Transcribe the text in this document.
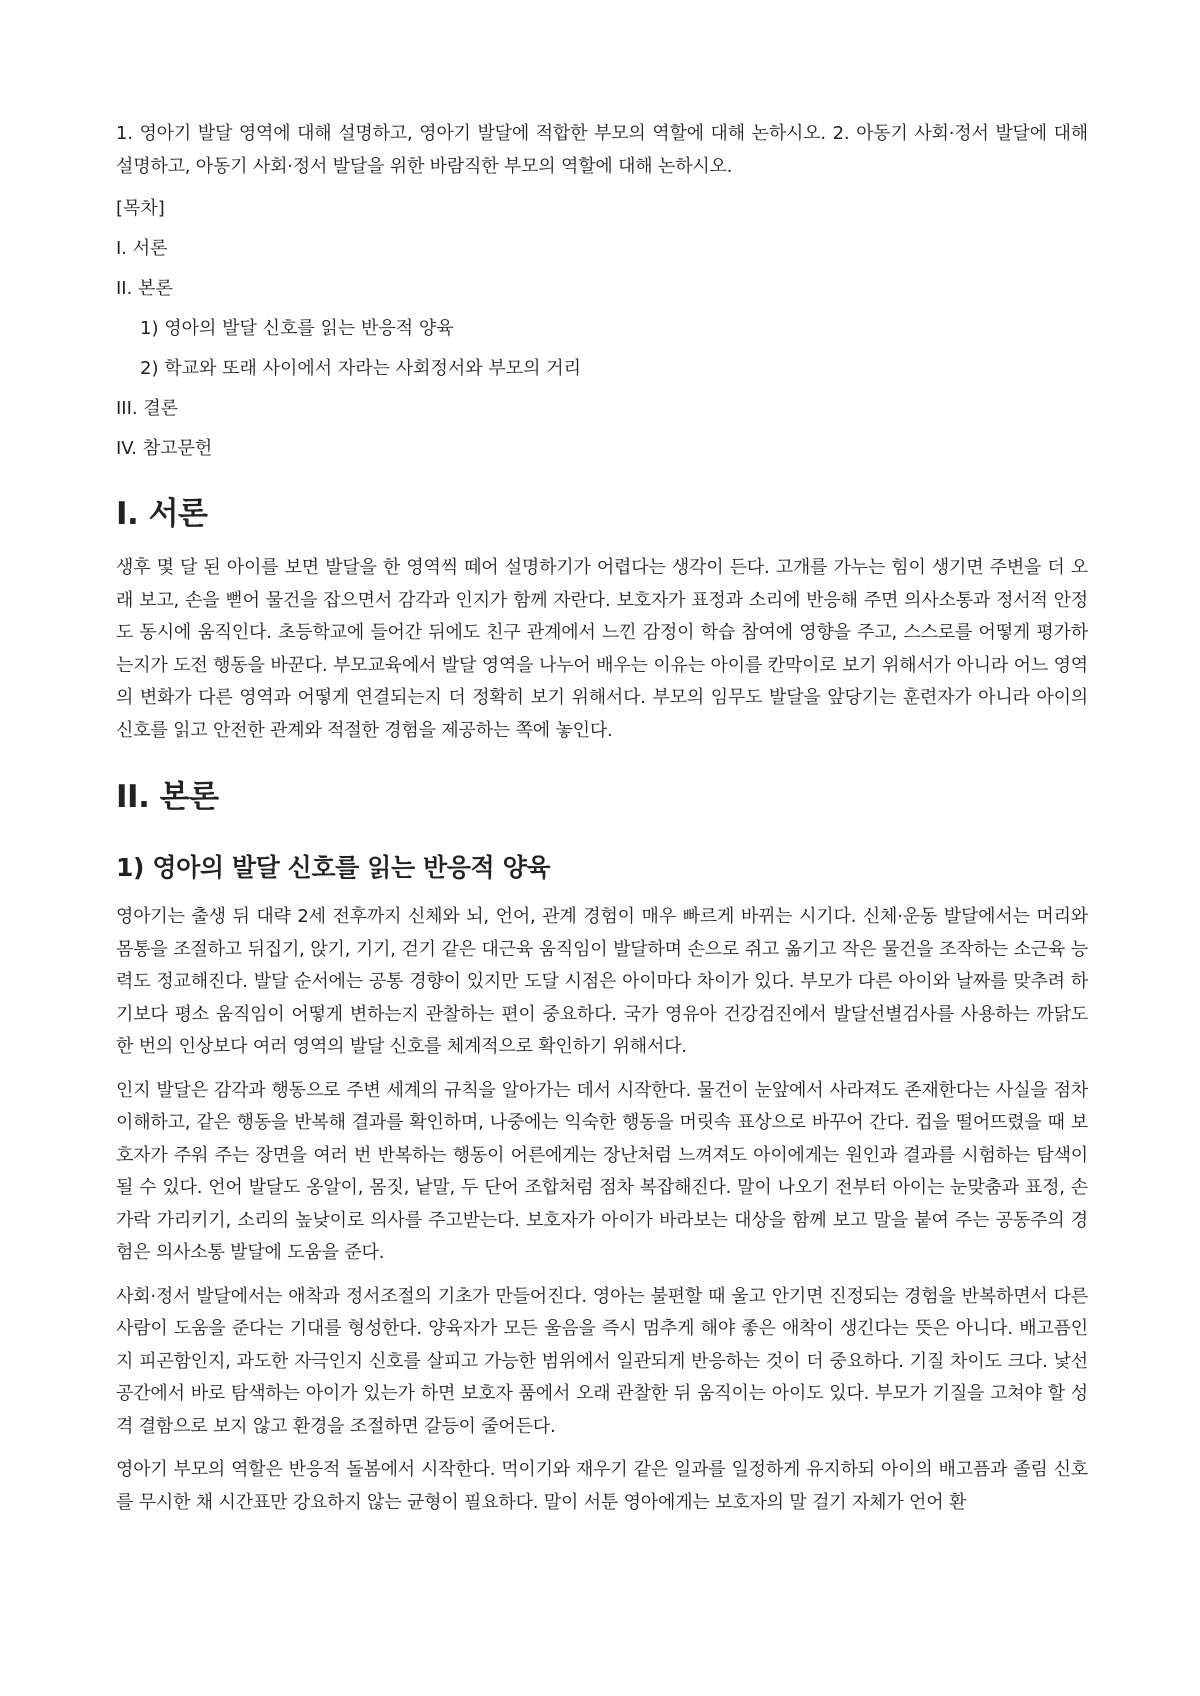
1. 영아기 발달 영역에 대해 설명하고, 영아기 발달에 적합한 부모의 역할에 대해 논하시오. 2. 아동기 사회·정서 발달에 대해 설명하고, 아동기 사회·정서 발달을 위한 바람직한 부모의 역할에 대해 논하시오.

[목차]

I. 서론
II. 본론
1) 영아의 발달 신호를 읽는 반응적 양육
2) 학교와 또래 사이에서 자라는 사회정서와 부모의 거리
III. 결론
IV. 참고문헌
I. 서론

생후 몇 달 된 아이를 보면 발달을 한 영역씩 떼어 설명하기가 어렵다는 생각이 든다. 고개를 가누는 힘이 생기면 주변을 더 오래 보고, 손을 뻗어 물건을 잡으면서 감각과 인지가 함께 자란다. 보호자가 표정과 소리에 반응해 주면 의사소통과 정서적 안정도 동시에 움직인다. 초등학교에 들어간 뒤에도 친구 관계에서 느낀 감정이 학습 참여에 영향을 주고, 스스로를 어떻게 평가하는지가 도전 행동을 바꾼다. 부모교육에서 발달 영역을 나누어 배우는 이유는 아이를 칸막이로 보기 위해서가 아니라 어느 영역의 변화가 다른 영역과 어떻게 연결되는지 더 정확히 보기 위해서다. 부모의 임무도 발달을 앞당기는 훈련자가 아니라 아이의 신호를 읽고 안전한 관계와 적절한 경험을 제공하는 쪽에 놓인다.

II. 본론
1) 영아의 발달 신호를 읽는 반응적 양육

영아기는 출생 뒤 대략 2세 전후까지 신체와 뇌, 언어, 관계 경험이 매우 빠르게 바뀌는 시기다. 신체·운동 발달에서는 머리와 몸통을 조절하고 뒤집기, 앉기, 기기, 걷기 같은 대근육 움직임이 발달하며 손으로 쥐고 옮기고 작은 물건을 조작하는 소근육 능력도 정교해진다. 발달 순서에는 공통 경향이 있지만 도달 시점은 아이마다 차이가 있다. 부모가 다른 아이와 날짜를 맞추려 하기보다 평소 움직임이 어떻게 변하는지 관찰하는 편이 중요하다. 국가 영유아 건강검진에서 발달선별검사를 사용하는 까닭도 한 번의 인상보다 여러 영역의 발달 신호를 체계적으로 확인하기 위해서다.

인지 발달은 감각과 행동으로 주변 세계의 규칙을 알아가는 데서 시작한다. 물건이 눈앞에서 사라져도 존재한다는 사실을 점차 이해하고, 같은 행동을 반복해 결과를 확인하며, 나중에는 익숙한 행동을 머릿속 표상으로 바꾸어 간다. 컵을 떨어뜨렸을 때 보호자가 주워 주는 장면을 여러 번 반복하는 행동이 어른에게는 장난처럼 느껴져도 아이에게는 원인과 결과를 시험하는 탐색이 될 수 있다. 언어 발달도 옹알이, 몸짓, 낱말, 두 단어 조합처럼 점차 복잡해진다. 말이 나오기 전부터 아이는 눈맞춤과 표정, 손가락 가리키기, 소리의 높낮이로 의사를 주고받는다. 보호자가 아이가 바라보는 대상을 함께 보고 말을 붙여 주는 공동주의 경험은 의사소통 발달에 도움을 준다.

사회·정서 발달에서는 애착과 정서조절의 기초가 만들어진다. 영아는 불편할 때 울고 안기면 진정되는 경험을 반복하면서 다른 사람이 도움을 준다는 기대를 형성한다. 양육자가 모든 울음을 즉시 멈추게 해야 좋은 애착이 생긴다는 뜻은 아니다. 배고픔인지 피곤함인지, 과도한 자극인지 신호를 살피고 가능한 범위에서 일관되게 반응하는 것이 더 중요하다. 기질 차이도 크다. 낯선 공간에서 바로 탐색하는 아이가 있는가 하면 보호자 품에서 오래 관찰한 뒤 움직이는 아이도 있다. 부모가 기질을 고쳐야 할 성격 결함으로 보지 않고 환경을 조절하면 갈등이 줄어든다.

영아기 부모의 역할은 반응적 돌봄에서 시작한다. 먹이기와 재우기 같은 일과를 일정하게 유지하되 아이의 배고픔과 졸림 신호를 무시한 채 시간표만 강요하지 않는 균형이 필요하다. 말이 서툰 영아에게는 보호자의 말 걸기 자체가 언어 환
